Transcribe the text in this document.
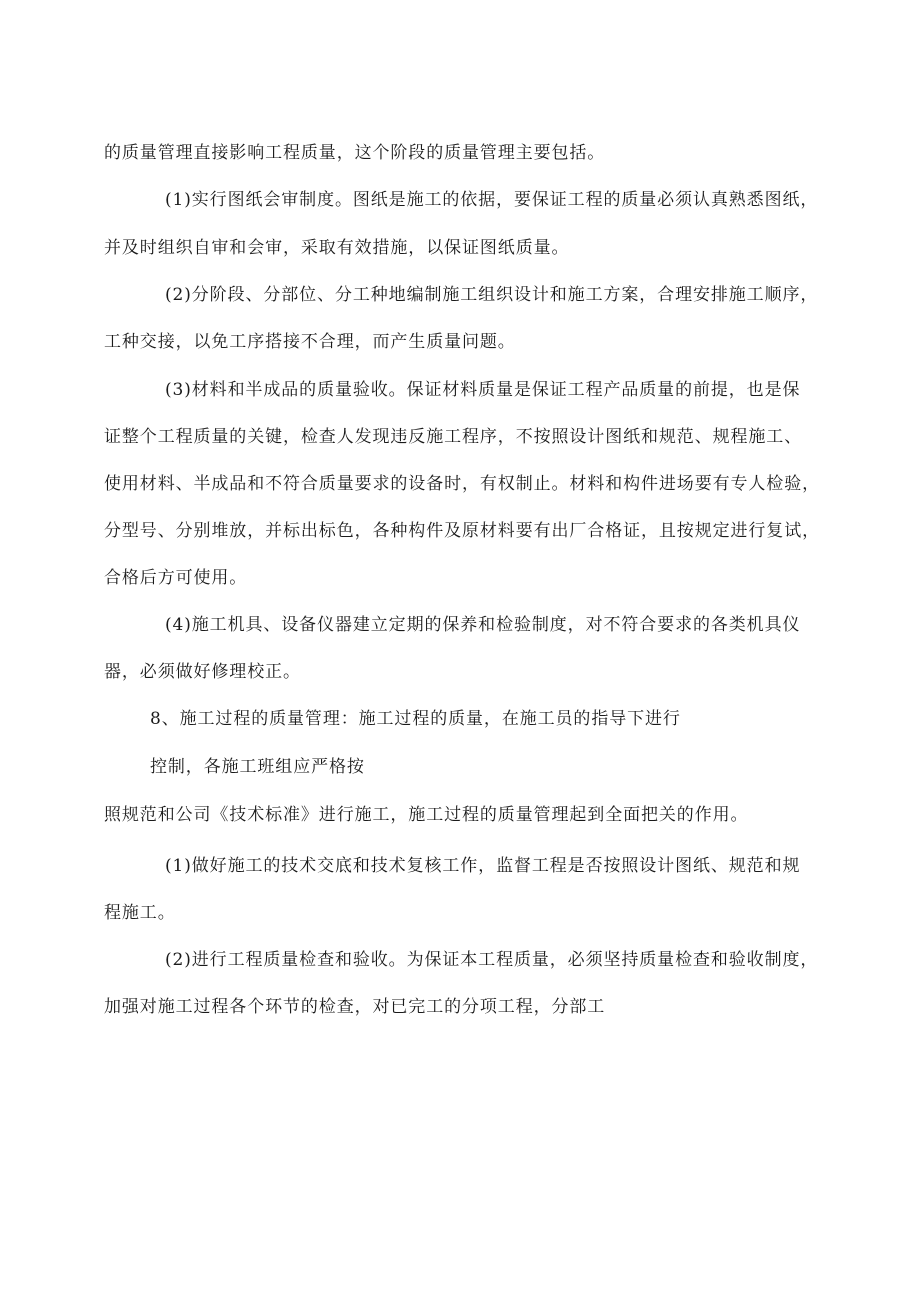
的质量管理直接影响工程质量，这个阶段的质量管理主要包括。
(1)实行图纸会审制度。图纸是施工的依据，要保证工程的质量必须认真熟悉图纸，
并及时组织自审和会审，采取有效措施，以保证图纸质量。
(2)分阶段、分部位、分工种地编制施工组织设计和施工方案，合理安排施工顺序，
工种交接，以免工序搭接不合理，而产生质量问题。
(3)材料和半成品的质量验收。保证材料质量是保证工程产品质量的前提，也是保
证整个工程质量的关键，检查人发现违反施工程序，不按照设计图纸和规范、规程施工、
使用材料、半成品和不符合质量要求的设备时，有权制止。材料和构件进场要有专人检验，
分型号、分别堆放，并标出标色，各种构件及原材料要有出厂合格证，且按规定进行复试，
合格后方可使用。
(4)施工机具、设备仪器建立定期的保养和检验制度，对不符合要求的各类机具仪
器，必须做好修理校正。
8、施工过程的质量管理：施工过程的质量，在施工员的指导下进行
控制，各施工班组应严格按
照规范和公司《技术标准》进行施工，施工过程的质量管理起到全面把关的作用。
(1)做好施工的技术交底和技术复核工作，监督工程是否按照设计图纸、规范和规
程施工。
(2)进行工程质量检查和验收。为保证本工程质量，必须坚持质量检查和验收制度，
加强对施工过程各个环节的检查，对已完工的分项工程，分部工
